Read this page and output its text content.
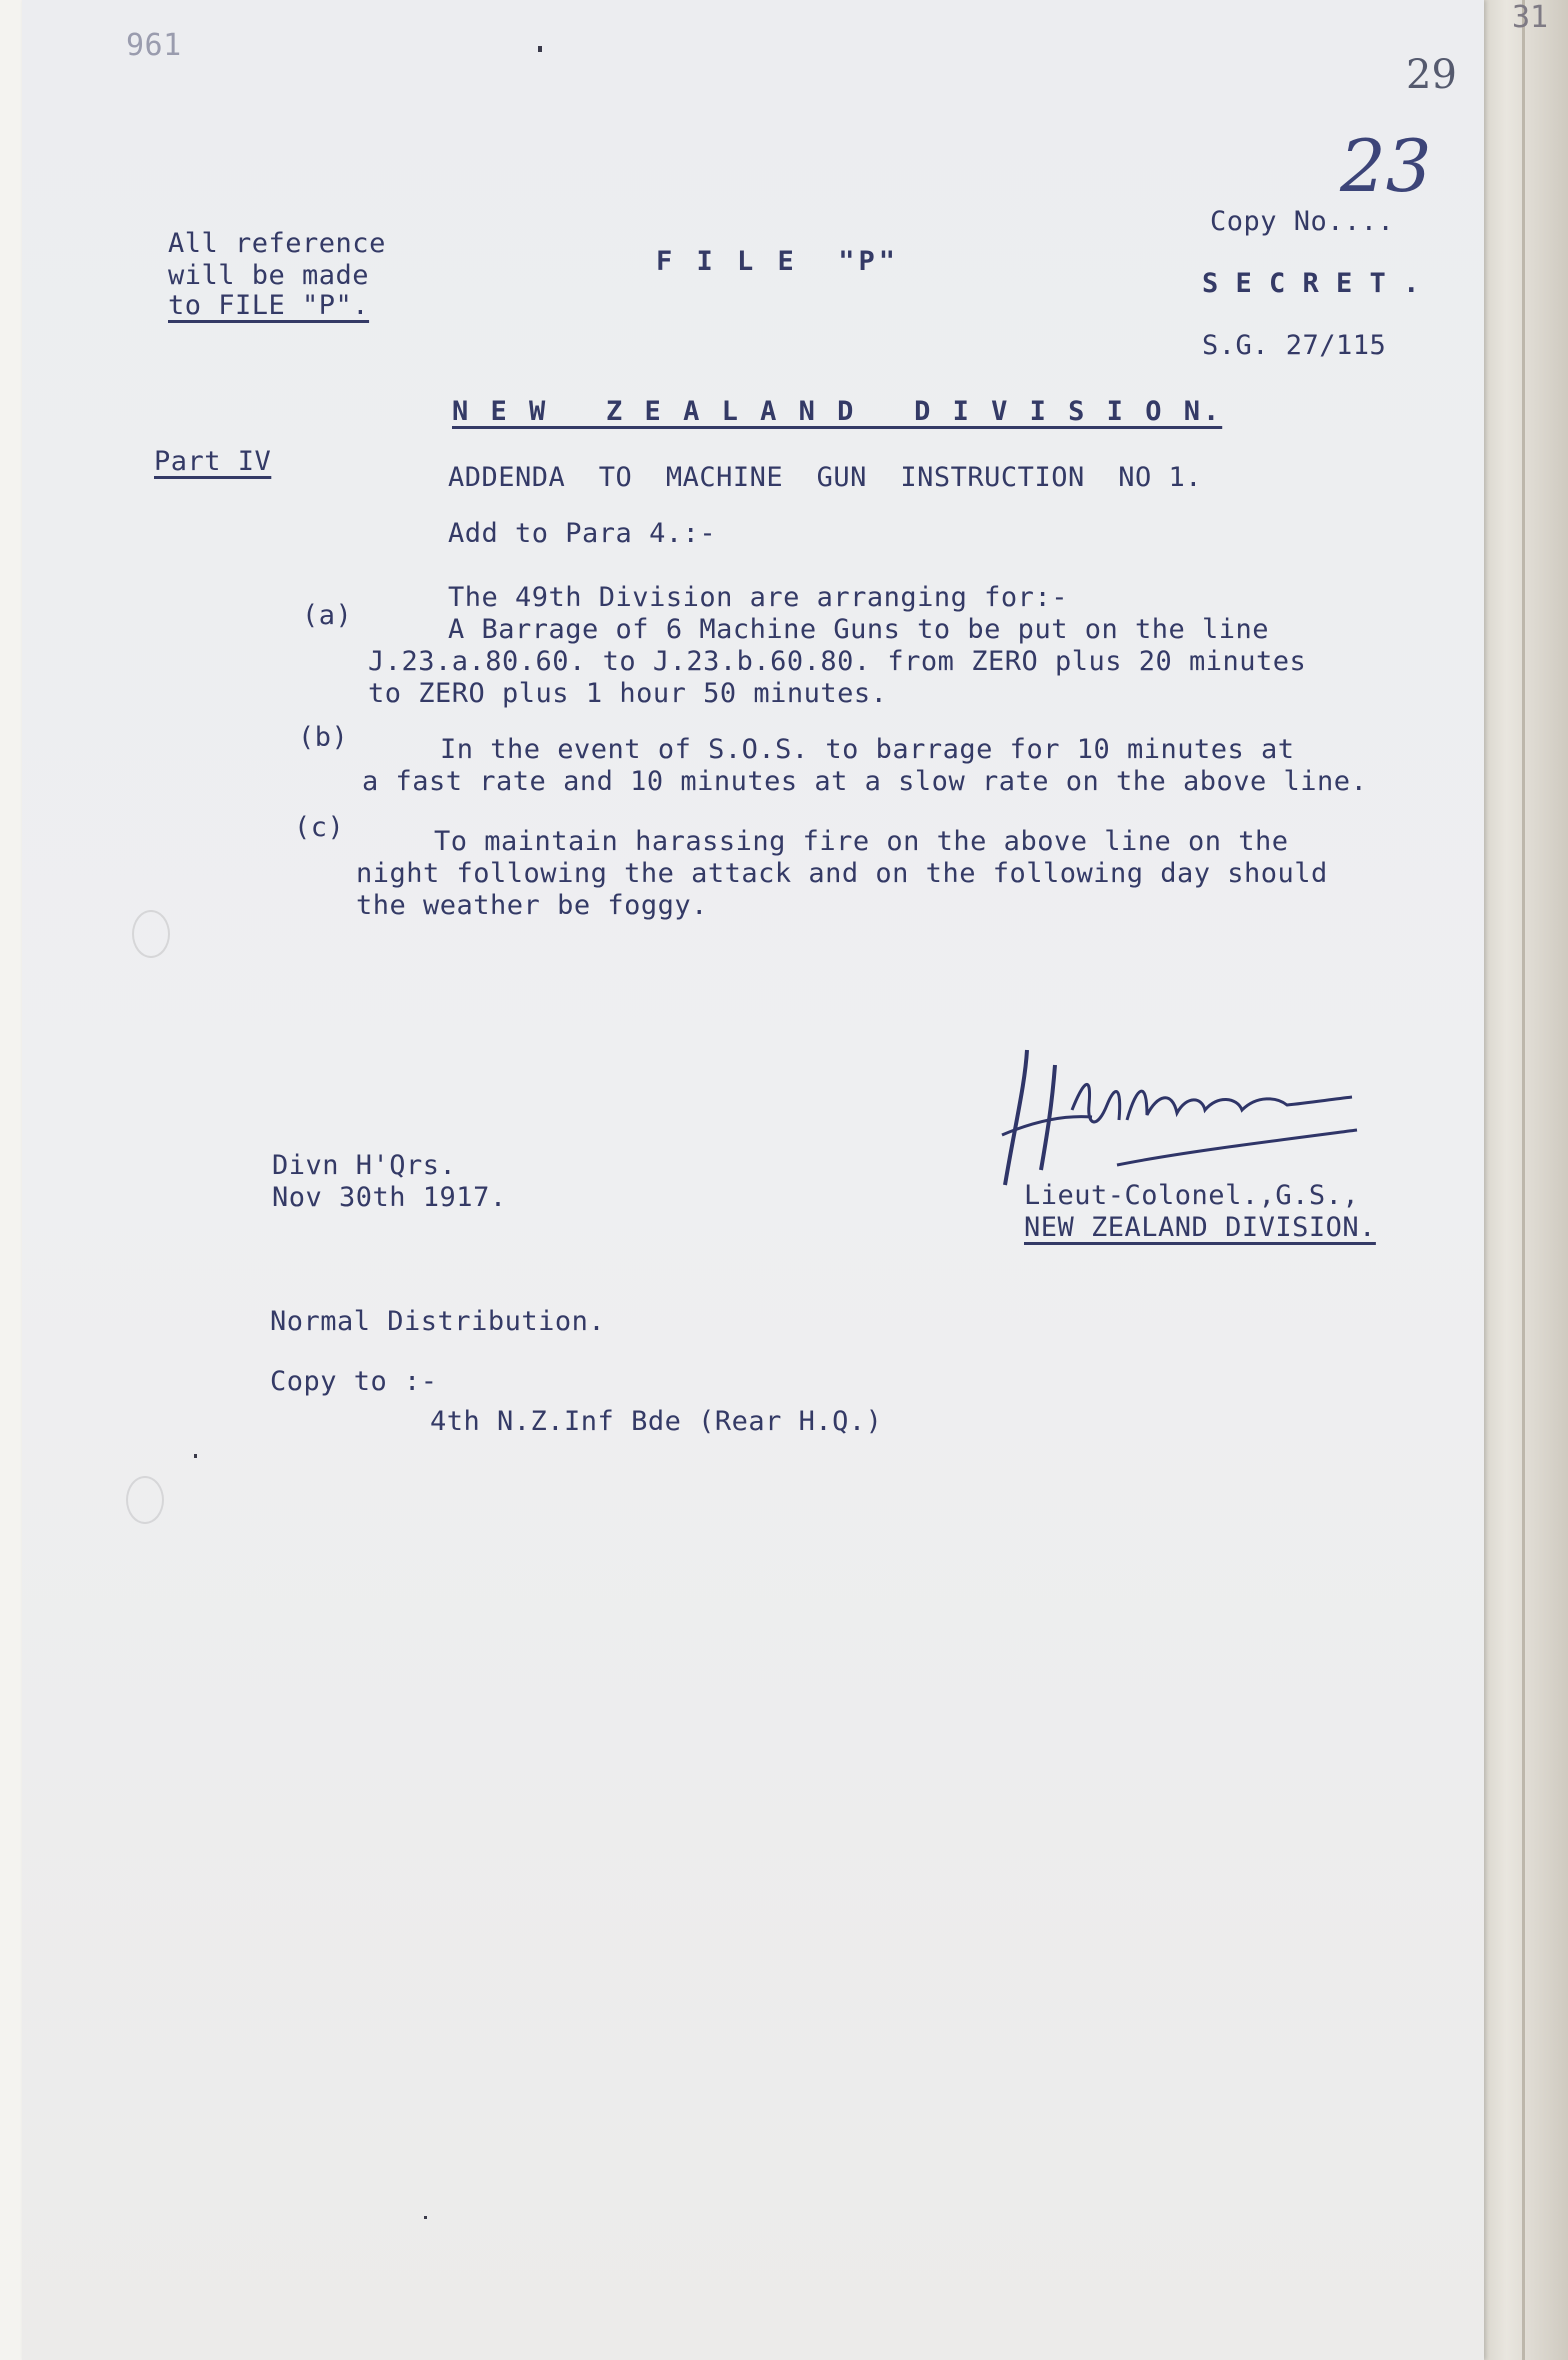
31
961
29
Copy No....
23
S E C R E T .
S.G. 27/115
All reference
will be made
to FILE "P".
F I L E  "P"
N E W   Z E A L A N D   D I V I S I O N.
Part IV
ADDENDA  TO  MACHINE  GUN  INSTRUCTION  NO 1.
Add to Para 4.:-
The 49th Division are arranging for:-
(a)	A Barrage of 6 Machine Guns to be put on the line
J.23.a.80.60. to J.23.b.60.80. from ZERO plus 20 minutes
to ZERO plus 1 hour 50 minutes.
(b)	In the event of S.O.S. to barrage for 10 minutes at
a fast rate and 10 minutes at a slow rate on the above line.
(c)	To maintain harassing fire on the above line on the
night following the attack and on the following day should
the weather be foggy.
Divn H'Qrs.
Nov 30th 1917.	Lieut-Colonel.,G.S.,
NEW ZEALAND DIVISION.
Normal Distribution.
Copy to :-
4th N.Z.Inf Bde (Rear H.Q.)
